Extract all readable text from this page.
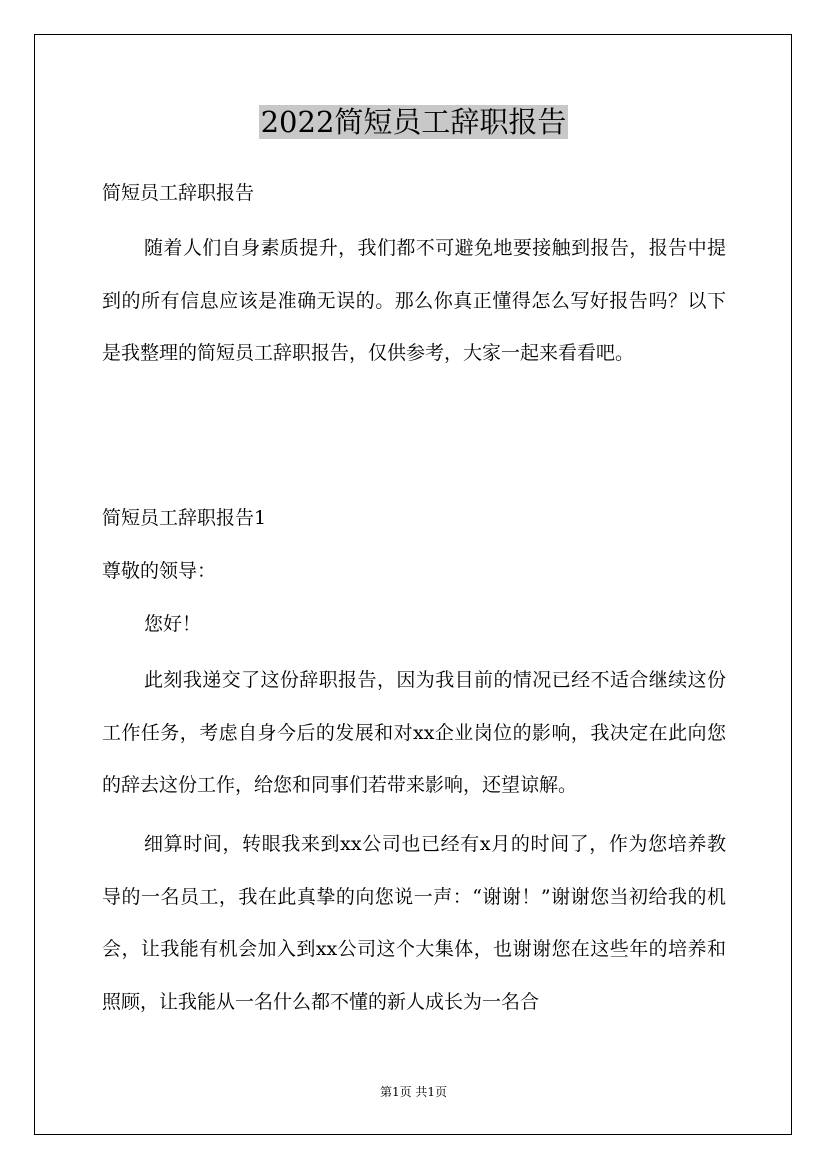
2022简短员工辞职报告

简短员工辞职报告

随着人们自身素质提升，我们都不可避免地要接触到报告，报告中提到的所有信息应该是准确无误的。那么你真正懂得怎么写好报告吗？以下是我整理的简短员工辞职报告，仅供参考，大家一起来看看吧。

简短员工辞职报告1

尊敬的领导：

您好！

此刻我递交了这份辞职报告，因为我目前的情况已经不适合继续这份工作任务，考虑自身今后的发展和对xx企业岗位的影响，我决定在此向您的辞去这份工作，给您和同事们若带来影响，还望谅解。

细算时间，转眼我来到xx公司也已经有x月的时间了，作为您培养教导的一名员工，我在此真挚的向您说一声：“谢谢！”谢谢您当初给我的机会，让我能有机会加入到xx公司这个大集体，也谢谢您在这些年的培养和照顾，让我能从一名什么都不懂的新人成长为一名合

第1页 共1页
